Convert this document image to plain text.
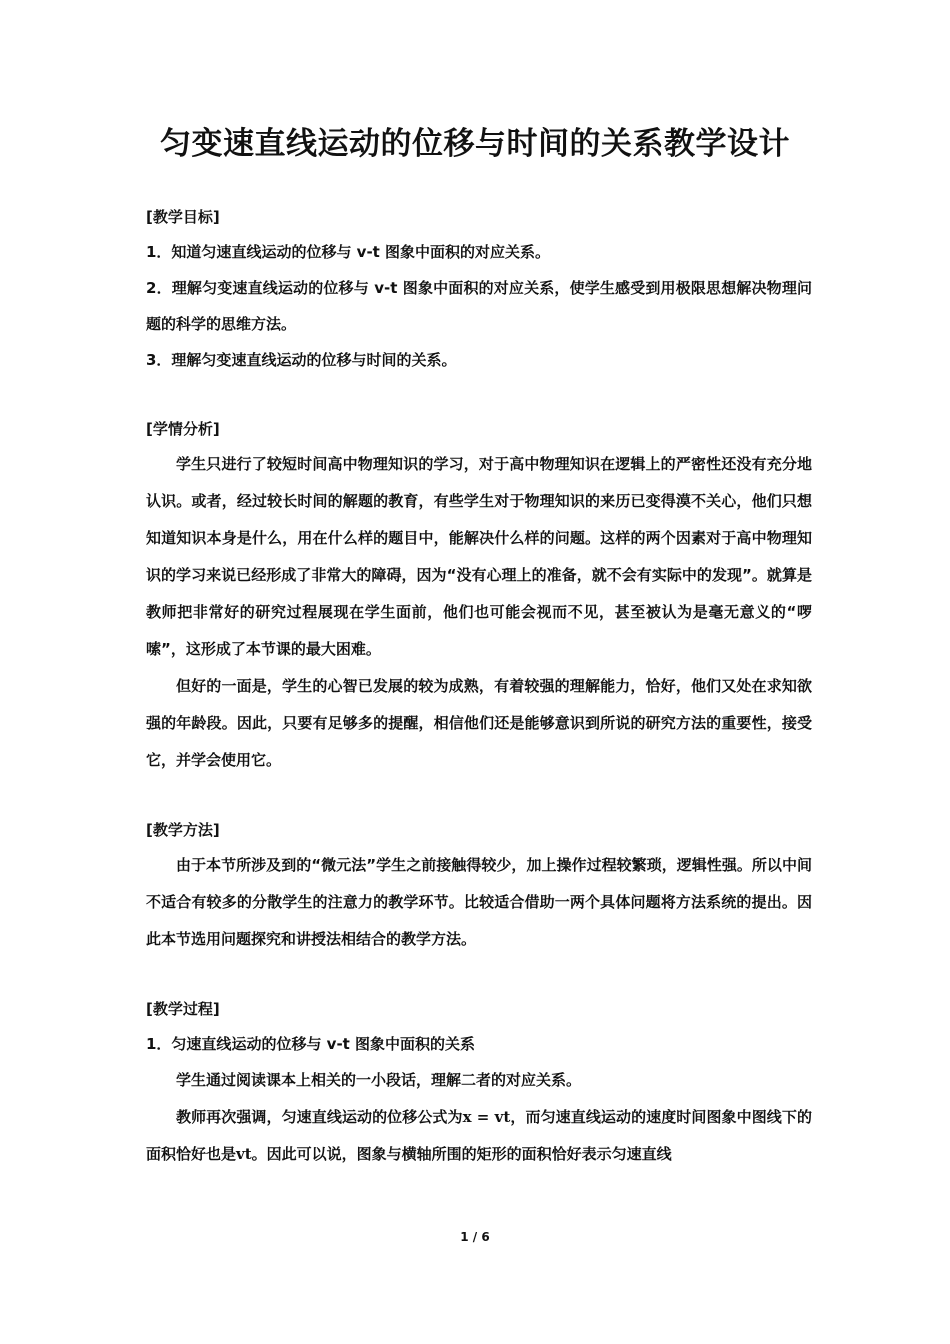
匀变速直线运动的位移与时间的关系教学设计
[教学目标]

1．知道匀速直线运动的位移与 v-t 图象中面积的对应关系。

2．理解匀变速直线运动的位移与 v-t 图象中面积的对应关系，使学生感受到用极限思想解决物理问题的科学的思维方法。

3．理解匀变速直线运动的位移与时间的关系。

[学情分析]

学生只进行了较短时间高中物理知识的学习，对于高中物理知识在逻辑上的严密性还没有充分地认识。或者，经过较长时间的解题的教育，有些学生对于物理知识的来历已变得漠不关心，他们只想知道知识本身是什么，用在什么样的题目中，能解决什么样的问题。这样的两个因素对于高中物理知识的学习来说已经形成了非常大的障碍，因为“没有心理上的准备，就不会有实际中的发现”。就算是教师把非常好的研究过程展现在学生面前，他们也可能会视而不见，甚至被认为是毫无意义的“啰嗦”，这形成了本节课的最大困难。

但好的一面是，学生的心智已发展的较为成熟，有着较强的理解能力，恰好，他们又处在求知欲强的年龄段。因此，只要有足够多的提醒，相信他们还是能够意识到所说的研究方法的重要性，接受它，并学会使用它。

[教学方法]

由于本节所涉及到的“微元法”学生之前接触得较少，加上操作过程较繁琐，逻辑性强。所以中间不适合有较多的分散学生的注意力的教学环节。比较适合借助一两个具体问题将方法系统的提出。因此本节选用问题探究和讲授法相结合的教学方法。

[教学过程]

1．匀速直线运动的位移与 v-t 图象中面积的关系

学生通过阅读课本上相关的一小段话，理解二者的对应关系。

教师再次强调，匀速直线运动的位移公式为x = vt，而匀速直线运动的速度时间图象中图线下的面积恰好也是vt。因此可以说，图象与横轴所围的矩形的面积恰好表示匀速直线

1 / 6
